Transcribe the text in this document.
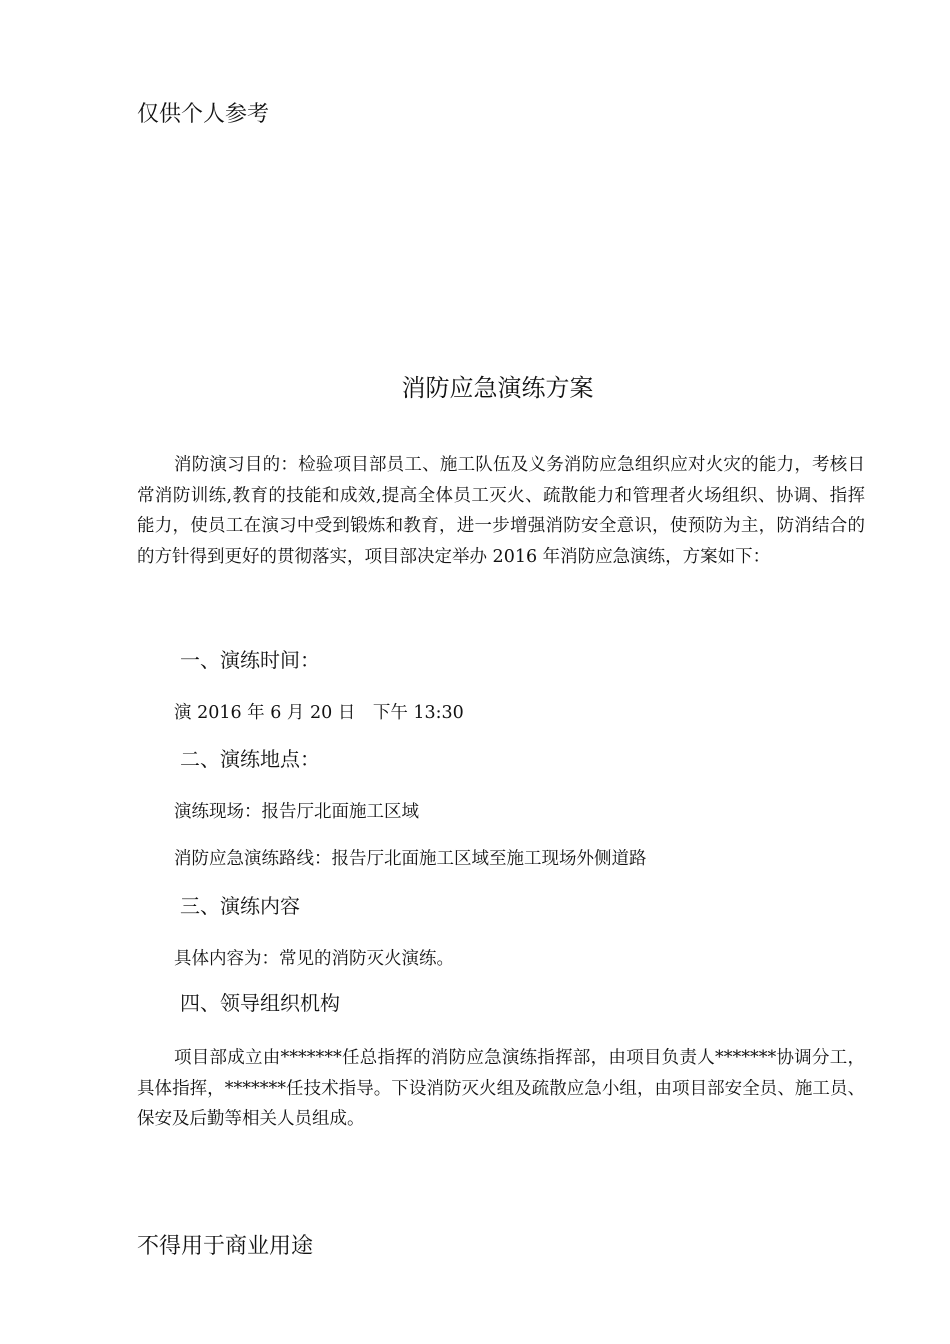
仅供个人参考
消防应急演练方案
消防演习目的：检验项目部员工、施工队伍及义务消防应急组织应对火灾的能力，考核日常消防训练,教育的技能和成效,提高全体员工灭火、疏散能力和管理者火场组织、协调、指挥能力，使员工在演习中受到锻炼和教育，进一步增强消防安全意识，使预防为主，防消结合的的方针得到更好的贯彻落实，项目部决定举办 2016 年消防应急演练，方案如下：
一、演练时间：
演 2016 年 6 月 20 日　下午 13:30
二、演练地点：
演练现场：报告厅北面施工区域
消防应急演练路线：报告厅北面施工区域至施工现场外侧道路
三、演练内容
具体内容为：常见的消防灭火演练。
四、领导组织机构
项目部成立由*******任总指挥的消防应急演练指挥部，由项目负责人*******协调分工，具体指挥，*******任技术指导。下设消防灭火组及疏散应急小组，由项目部安全员、施工员、保安及后勤等相关人员组成。
不得用于商业用途
